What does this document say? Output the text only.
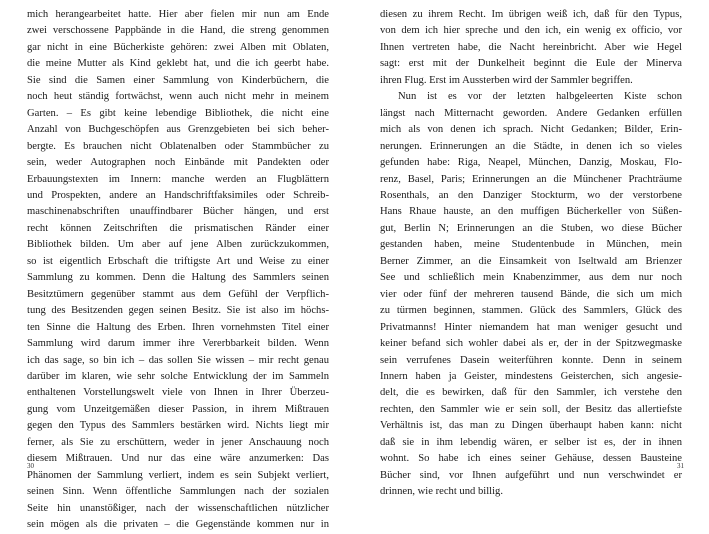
mich herangearbeitet hatte. Hier aber fielen mir nun am Ende
zwei verschossene Pappbände in die Hand, die streng genommen
gar nicht in eine Bücherkiste gehören: zwei Alben mit Oblaten,
die meine Mutter als Kind geklebt hat, und die ich geerbt habe.
Sie sind die Samen einer Sammlung von Kinderbüchern, die
noch heut ständig fortwächst, wenn auch nicht mehr in meinem
Garten. – Es gibt keine lebendige Bibliothek, die nicht eine
Anzahl von Buchgeschöpfen aus Grenzgebieten bei sich beher-
bergte. Es brauchen nicht Oblatenalben oder Stammbücher zu
sein, weder Autographen noch Einbände mit Pandekten oder
Erbauungstexten im Innern: manche werden an Flugblättern
und Prospekten, andere an Handschriftfaksimiles oder Schreib-
maschinenabschriften unauffindbarer Bücher hängen, und erst
recht können Zeitschriften die prismatischen Ränder einer
Bibliothek bilden. Um aber auf jene Alben zurückzukommen,
so ist eigentlich Erbschaft die triftigste Art und Weise zu einer
Sammlung zu kommen. Denn die Haltung des Sammlers seinen
Besitztümern gegenüber stammt aus dem Gefühl der Verpflich-
tung des Besitzenden gegen seinen Besitz. Sie ist also im höchs-
ten Sinne die Haltung des Erben. Ihren vornehmsten Titel einer
Sammlung wird darum immer ihre Vererbbarkeit bilden. Wenn
ich das sage, so bin ich – das sollen Sie wissen – mir recht genau
darüber im klaren, wie sehr solche Entwicklung der im Sammeln
enthaltenen Vorstellungswelt viele von Ihnen in Ihrer Überzeu-
gung vom Unzeitgemäßen dieser Passion, in ihrem Mißtrauen
gegen den Typus des Sammlers bestärken wird. Nichts liegt mir
ferner, als Sie zu erschüttern, weder in jener Anschauung noch
diesem Mißtrauen. Und nur das eine wäre anzumerken: Das
Phänomen der Sammlung verliert, indem es sein Subjekt verliert,
seinen Sinn. Wenn öffentliche Sammlungen nach der sozialen
Seite hin unanstößiger, nach der wissenschaftlichen nützlicher
sein mögen als die privaten – die Gegenstände kommen nur in
30
diesen zu ihrem Recht. Im übrigen weiß ich, daß für den Typus,
von dem ich hier spreche und den ich, ein wenig ex officio, vor
Ihnen vertreten habe, die Nacht hereinbricht. Aber wie Hegel
sagt: erst mit der Dunkelheit beginnt die Eule der Minerva
ihren Flug. Erst im Aussterben wird der Sammler begriffen.
Nun ist es vor der letzten halbgeleerten Kiste schon
längst nach Mitternacht geworden. Andere Gedanken erfüllen
mich als von denen ich sprach. Nicht Gedanken; Bilder, Erin-
nerungen. Erinnerungen an die Städte, in denen ich so vieles
gefunden habe: Riga, Neapel, München, Danzig, Moskau, Flo-
renz, Basel, Paris; Erinnerungen an die Münchener Prachträume
Rosenthals, an den Danziger Stockturm, wo der verstorbene
Hans Rhaue hauste, an den muffigen Bücherkeller von Süßen-
gut, Berlin N; Erinnerungen an die Stuben, wo diese Bücher
gestanden haben, meine Studentenbude in München, mein
Berner Zimmer, an die Einsamkeit von Iseltwald am Brienzer
See und schließlich mein Knabenzimmer, aus dem nur noch
vier oder fünf der mehreren tausend Bände, die sich um mich
zu türmen beginnen, stammen. Glück des Sammlers, Glück des
Privatmanns! Hinter niemandem hat man weniger gesucht und
keiner befand sich wohler dabei als er, der in der Spitzwegmaske
sein verrufenes Dasein weiterführen konnte. Denn in seinem
Innern haben ja Geister, mindestens Geisterchen, sich angesie-
delt, die es bewirken, daß für den Sammler, ich verstehe den
rechten, den Sammler wie er sein soll, der Besitz das allertiefste
Verhältnis ist, das man zu Dingen überhaupt haben kann: nicht
daß sie in ihm lebendig wären, er selber ist es, der in ihnen
wohnt. So habe ich eines seiner Gehäuse, dessen Bausteine
Bücher sind, vor Ihnen aufgeführt und nun verschwindet er
drinnen, wie recht und billig.
31
